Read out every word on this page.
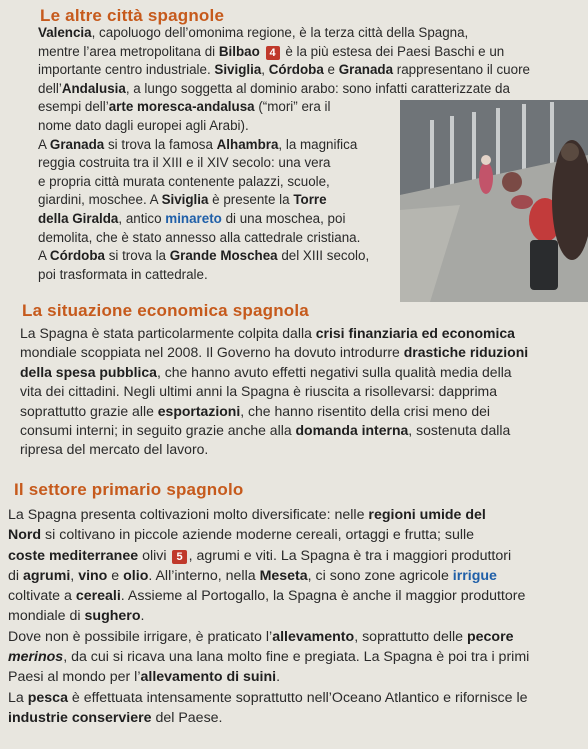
Le altre città spagnole
Valencia, capoluogo dell’omonima regione, è la terza città della Spagna,
mentre l’area metropolitana di Bilbao 4 è la più estesa dei Paesi Baschi e un
importante centro industriale. Siviglia, Córdoba e Granada rappresentano il cuore
dell’Andalusia, a lungo soggetta al dominio arabo: sono infatti caratterizzate da
esempi dell’arte moresca-andalusa (“mori” era il
nome dato dagli europei agli Arabi).
A Granada si trova la famosa Alhambra, la magnifica
reggia costruita tra il XIII e il XIV secolo: una vera
e propria città murata contenente palazzi, scuole,
giardini, moschee. A Siviglia è presente la Torre
della Giralda, antico minareto di una moschea, poi
demolita, che è stato annesso alla cattedrale cristiana.
A Córdoba si trova la Grande Moschea del XIII secolo,
poi trasformata in cattedrale.
La situazione economica spagnola
La Spagna è stata particolarmente colpita dalla crisi finanziaria ed economica
mondiale scoppiata nel 2008. Il Governo ha dovuto introdurre drastiche riduzioni
della spesa pubblica, che hanno avuto effetti negativi sulla qualità media della
vita dei cittadini. Negli ultimi anni la Spagna è riuscita a risollevarsi: dapprima
soprattutto grazie alle esportazioni, che hanno risentito della crisi meno dei
consumi interni; in seguito grazie anche alla domanda interna, sostenuta dalla
ripresa del mercato del lavoro.
Il settore primario spagnolo
La Spagna presenta coltivazioni molto diversificate: nelle regioni umide del
Nord si coltivano in piccole aziende moderne cereali, ortaggi e frutta; sulle
coste mediterranee olivi 5 , agrumi e viti. La Spagna è tra i maggiori produttori
di agrumi, vino e olio. All’interno, nella Meseta, ci sono zone agricole irrigue
coltivate a cereali. Assieme al Portogallo, la Spagna è anche il maggior produttore
mondiale di sughero.
Dove non è possibile irrigare, è praticato l’allevamento, soprattutto delle pecore
merinos, da cui si ricava una lana molto fine e pregiata. La Spagna è poi tra i primi
Paesi al mondo per l’allevamento di suini.
La pesca è effettuata intensamente soprattutto nell’Oceano Atlantico e rifornisce le
industrie conserviere del Paese.
